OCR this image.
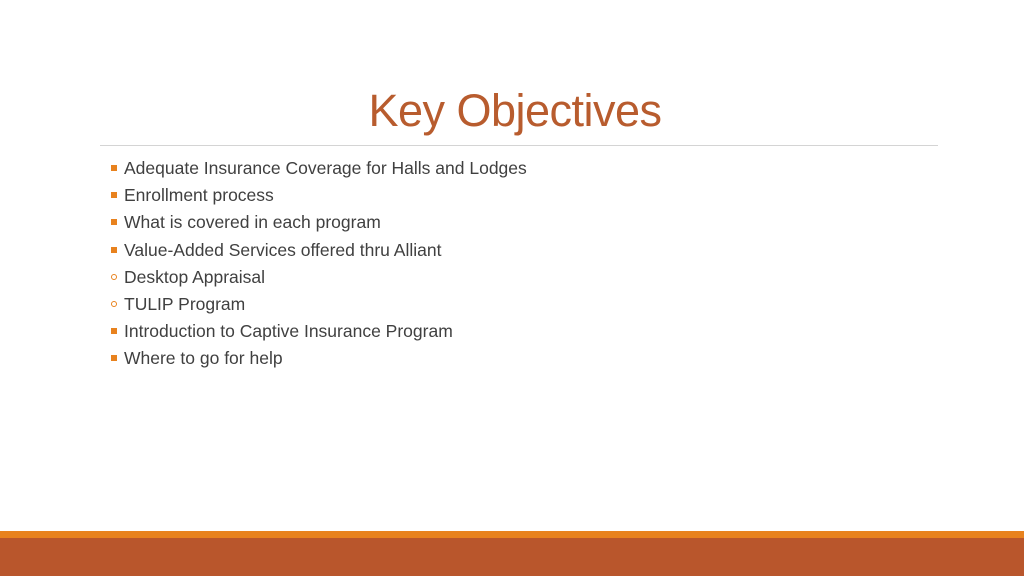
Key Objectives
Adequate Insurance Coverage for Halls and Lodges
Enrollment process
What is covered in each program
Value-Added Services offered thru Alliant
Desktop Appraisal
TULIP Program
Introduction to Captive Insurance Program
Where to go for help
